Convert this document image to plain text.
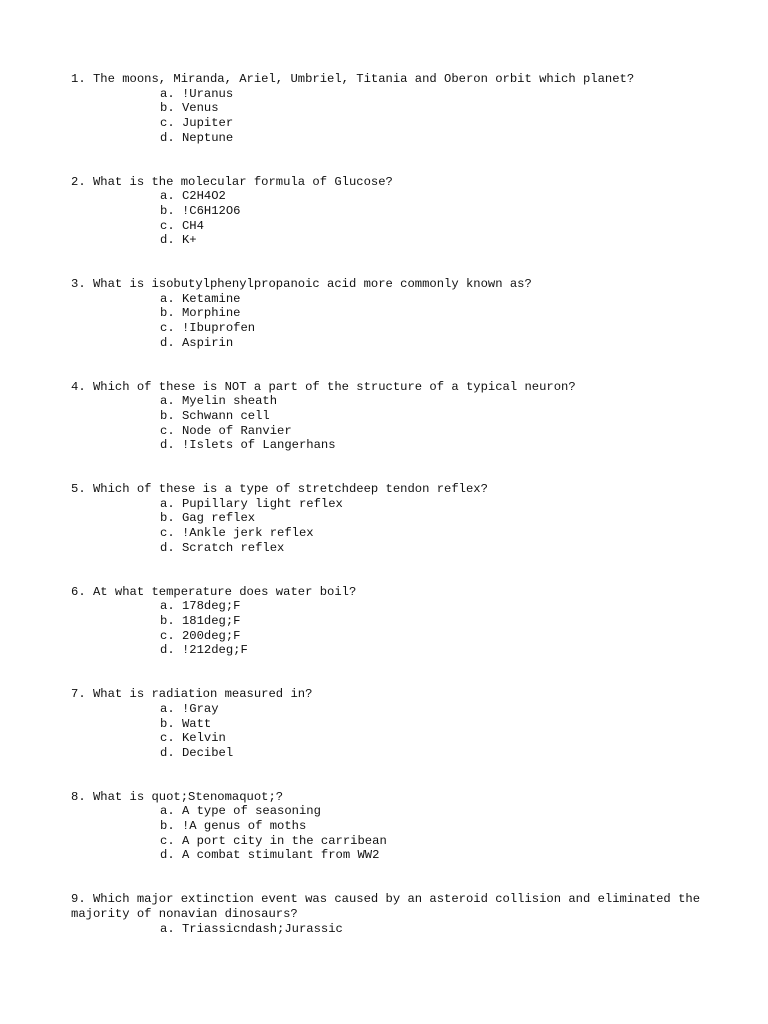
1. The moons, Miranda, Ariel, Umbriel, Titania and Oberon orbit which planet?
a. !Uranus
b. Venus
c. Jupiter
d. Neptune
2. What is the molecular formula of Glucose?
a. C2H4O2
b. !C6H12O6
c. CH4
d. K+
3. What is isobutylphenylpropanoic acid more commonly known as?
a. Ketamine
b. Morphine
c. !Ibuprofen
d. Aspirin
4. Which of these is NOT a part of the structure of a typical neuron?
a. Myelin sheath
b. Schwann cell
c. Node of Ranvier
d. !Islets of Langerhans
5. Which of these is a type of stretchdeep tendon reflex?
a. Pupillary light reflex
b. Gag reflex
c. !Ankle jerk reflex
d. Scratch reflex
6. At what temperature does water boil?
a. 178deg;F
b. 181deg;F
c. 200deg;F
d. !212deg;F
7. What is radiation measured in?
a. !Gray
b. Watt
c. Kelvin
d. Decibel
8. What is quot;Stenomaquot;?
a. A type of seasoning
b. !A genus of moths
c. A port city in the carribean
d. A combat stimulant from WW2
9. Which major extinction event was caused by an asteroid collision and eliminated the majority of nonavian dinosaurs?
a. Triassicndash;Jurassic
